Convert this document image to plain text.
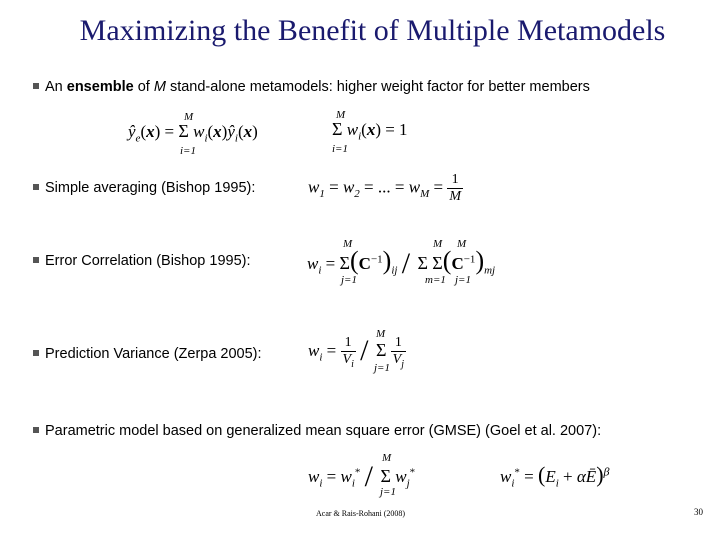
Maximizing the Benefit of Multiple Metamodels
An ensemble of M stand-alone metamodels: higher weight factor for better members
M
$ŷ_e(x) = \Sigma$ $w_i(x)ŷ_i(x)$
i=1
M
Σ $w_i(x) = 1$
i=1
Simple averaging (Bishop 1995):	$w_1 = w_2$ = ... = $w_M = \frac{1}{M}$
Error Correlation (Bishop 1995):
M
$w_i = \Sigma(C^{-1})_{ij} / \Sigma$ $\Sigma(C^{-1})_{mj}$
j=1
M
M
m=1 j=1
Prediction Variance (Zerpa 2005):
M
$w_i = \frac{1}{V_i} / \Sigma \frac{1}{V_j}$
j=1
Parametric model based on generalized mean square error (GMSE) (Goel et al. 2007):
M
$w_i = w_i^* / \Sigma$ $w_j^*$
j=1
$w_i^* = (E_i$ + αĒ)$^\beta$
Acar & Rais-Rohani (2008)	30
